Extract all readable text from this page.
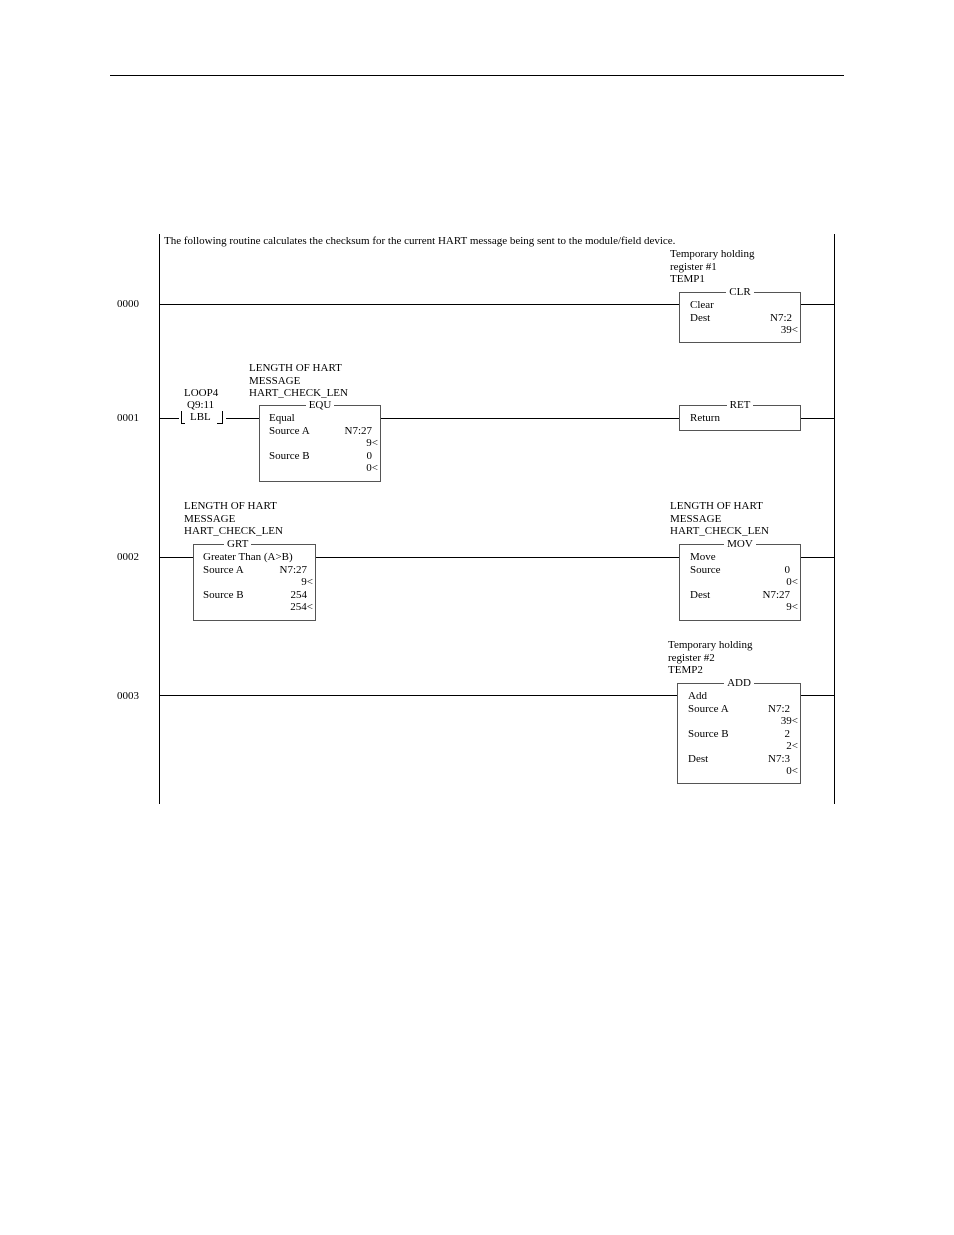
The following routine calculates the checksum for the current HART message being sent to the module/field device.
0000
Temporary holding
register #1
TEMP1
CLR
Clear
Dest	N7:2
39<
0001
LOOP4
Q9:11
LBL
LENGTH OF HART
MESSAGE
HART_CHECK_LEN
EQU
Equal
Source A	N7:27
9<
Source B	0
0<
RET
Return
0002
LENGTH OF HART
MESSAGE
HART_CHECK_LEN
GRT
Greater Than (A>B)
Source A	N7:27
9<
Source B	254
254<
LENGTH OF HART
MESSAGE
HART_CHECK_LEN
MOV
Move
Source	0
0<
Dest	N7:27
9<
0003
Temporary holding
register #2
TEMP2
ADD
Add
Source A	N7:2
39<
Source B	2
2<
Dest	N7:3
0<
